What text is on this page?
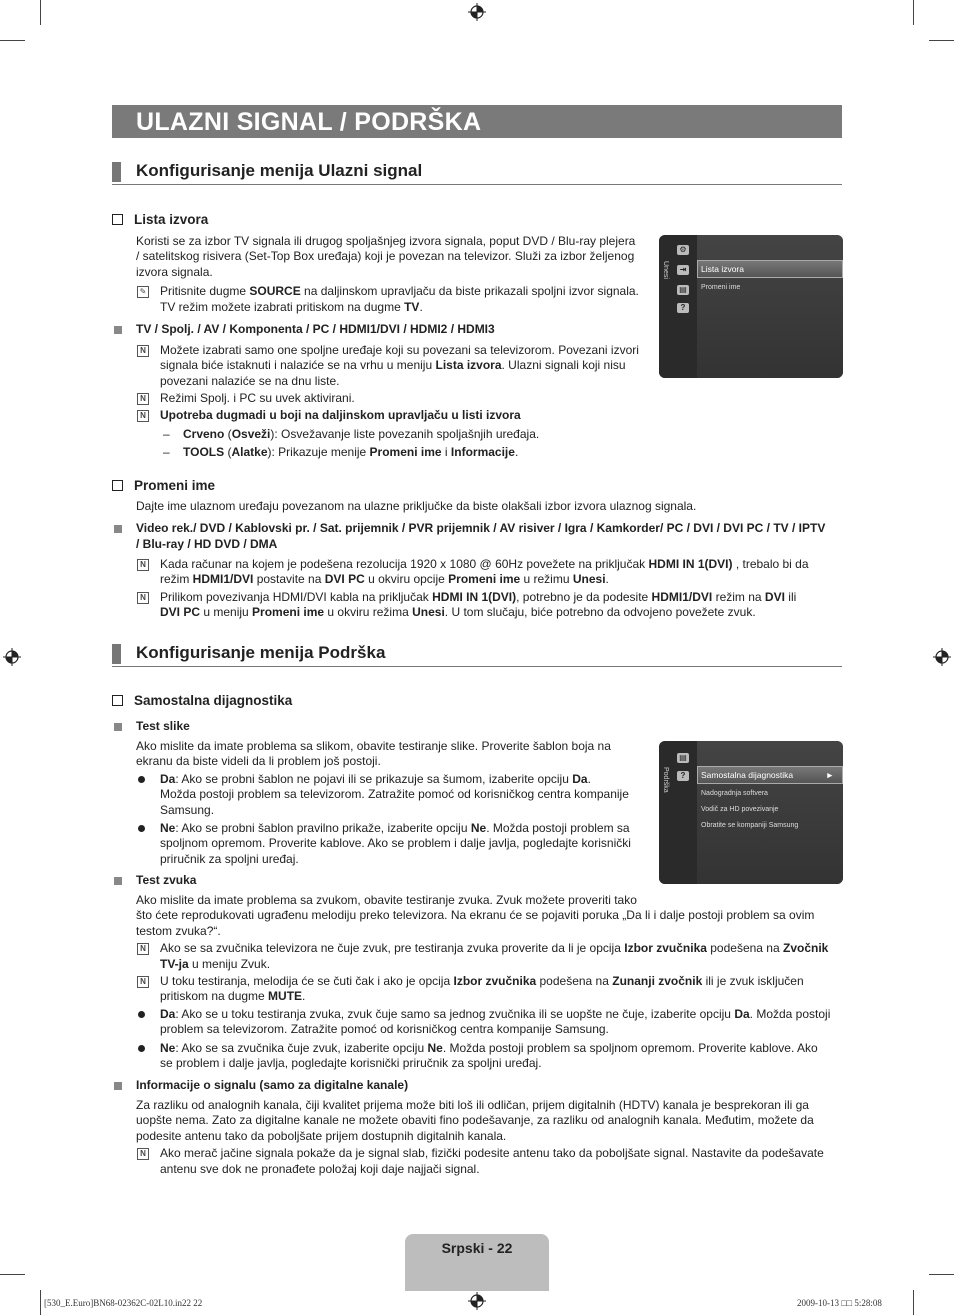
ULAZNI SIGNAL / PODRŠKA
Konfigurisanje menija Ulazni signal
Lista izvora
Koristi se za izbor TV signala ili drugog spoljašnjeg izvora signala, poput DVD / Blu-ray plejera
/ satelitskog risivera (Set-Top Box uređaja) koji je povezan na televizor. Služi za izbor željenog
izvora signala.
✎ Pritisnite dugme SOURCE na daljinskom upravljaču da biste prikazali spoljni izvor signala.
TV režim možete izabrati pritiskom na dugme TV.
TV / Spolj. / AV / Komponenta / PC / HDMI1/DVI / HDMI2 / HDMI3
N Možete izabrati samo one spoljne uređaje koji su povezani sa televizorom. Povezani izvori
signala biće istaknuti i nalaziće se na vrhu u meniju Lista izvora. Ulazni signali koji nisu
povezani nalaziće se na dnu liste.
N Režimi Spolj. i PC su uvek aktivirani.
N Upotreba dugmadi u boji na daljinskom upravljaču u listi izvora
– Crveno (Osveži): Osvežavanje liste povezanih spoljašnjih uređaja.
– TOOLS (Alatke): Prikazuje menije Promeni ime i Informacije.
Unesi
⚙
⇥
▤
?
Lista izvora
Promeni ime
Promeni ime
Dajte ime ulaznom uređaju povezanom na ulazne priključke da biste olakšali izbor izvora ulaznog signala.
Video rek./ DVD / Kablovski pr. / Sat. prijemnik / PVR prijemnik / AV risiver / Igra / Kamkorder/ PC / DVI / DVI PC / TV / IPTV
/ Blu-ray / HD DVD / DMA
N Kada računar na kojem je podešena rezolucija 1920 x 1080 @ 60Hz povežete na priključak HDMI IN 1(DVI) , trebalo bi da
režim HDMI1/DVI postavite na DVI PC u okviru opcije Promeni ime u režimu Unesi.
N Prilikom povezivanja HDMI/DVI kabla na priključak HDMI IN 1(DVI), potrebno je da podesite HDMI1/DVI režim na DVI ili
DVI PC u meniju Promeni ime u okviru režima Unesi. U tom slučaju, biće potrebno da odvojeno povežete zvuk.
Konfigurisanje menija Podrška
Samostalna dijagnostika
Test slike
Ako mislite da imate problema sa slikom, obavite testiranje slike. Proverite šablon boja na
ekranu da biste videli da li problem još postoji.
Da: Ako se probni šablon ne pojavi ili se prikazuje sa šumom, izaberite opciju Da.
Možda postoji problem sa televizorom. Zatražite pomoć od korisničkog centra kompanije
Samsung.
Ne: Ako se probni šablon pravilno prikaže, izaberite opciju Ne. Možda postoji problem sa
spoljnom opremom. Proverite kablove. Ako se problem i dalje javlja, pogledajte korisnički
priručnik za spoljni uređaj.
Podrška
▤
?	Samostalna dijagnostika	►
Nadogradnja softvera
Vodič za HD povezivanje
Obratite se kompaniji Samsung
Test zvuka
Ako mislite da imate problema sa zvukom, obavite testiranje zvuka. Zvuk možete proveriti tako
što ćete reprodukovati ugrađenu melodiju preko televizora. Na ekranu će se pojaviti poruka „Da li i dalje postoji problem sa ovim
testom zvuka?“.
N Ako se sa zvučnika televizora ne čuje zvuk, pre testiranja zvuka proverite da li je opcija Izbor zvučnika podešena na Zvočnik
TV-ja u meniju Zvuk.
N U toku testiranja, melodija će se čuti čak i ako je opcija Izbor zvučnika podešena na Zunanji zvočnik ili je zvuk isključen
pritiskom na dugme MUTE.
Da: Ako se u toku testiranja zvuka, zvuk čuje samo sa jednog zvučnika ili se uopšte ne čuje, izaberite opciju Da. Možda postoji
problem sa televizorom. Zatražite pomoć od korisničkog centra kompanije Samsung.
Ne: Ako se sa zvučnika čuje zvuk, izaberite opciju Ne. Možda postoji problem sa spoljnom opremom. Proverite kablove. Ako
se problem i dalje javlja, pogledajte korisnički priručnik za spoljni uređaj.
Informacije o signalu (samo za digitalne kanale)
Za razliku od analognih kanala, čiji kvalitet prijema može biti loš ili odličan, prijem digitalnih (HDTV) kanala je besprekoran ili ga
uopšte nema. Zato za digitalne kanale ne možete obaviti fino podešavanje, za razliku od analognih kanala. Međutim, možete da
podesite antenu tako da poboljšate prijem dostupnih digitalnih kanala.
N Ako merač jačine signala pokaže da je signal slab, fizički podesite antenu tako da poboljšate signal. Nastavite da podešavate
antenu sve dok ne pronađete položaj koji daje najjači signal.
Srpski - 22
[530_E.Euro]BN68-02362C-02L10.in22 22	2009-10-13 □□ 5:28:08
